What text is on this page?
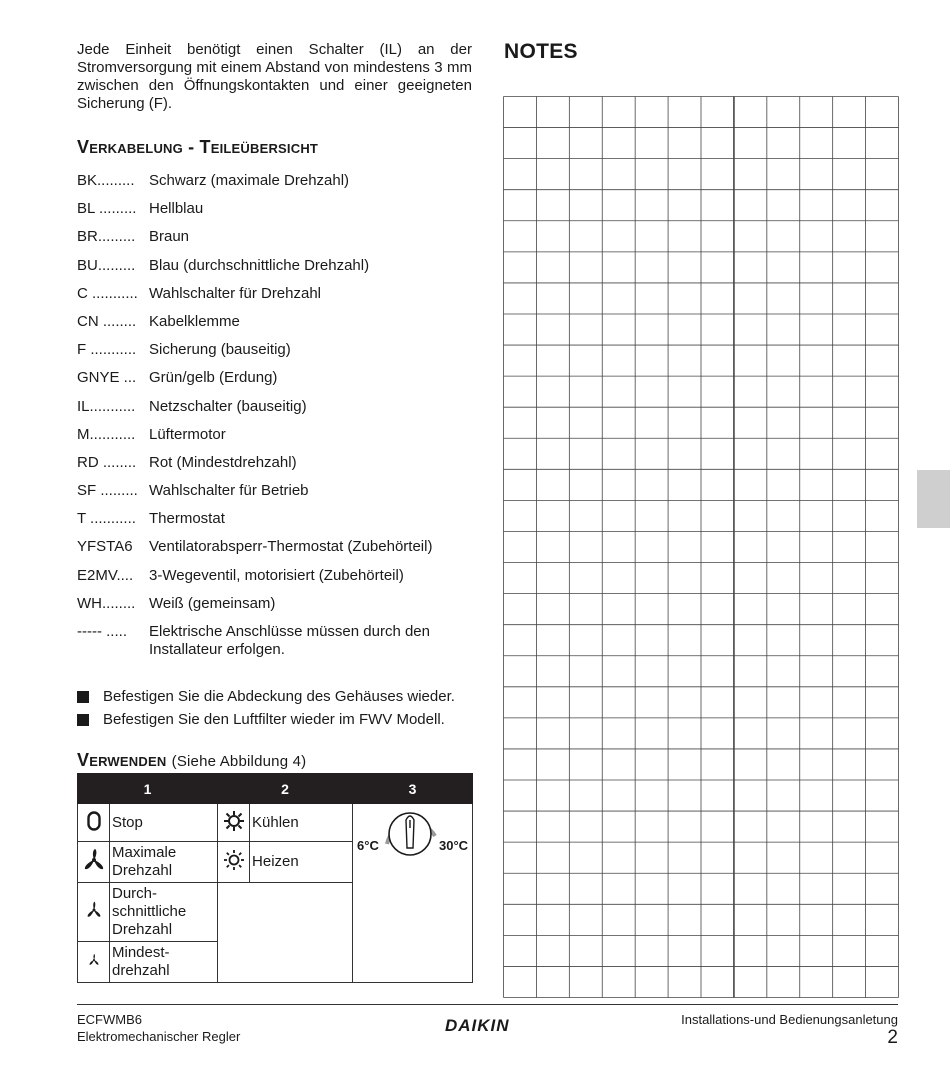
Jede Einheit benötigt einen Schalter (IL) an der Stromversorgung mit einem Abstand von mindestens 3 mm zwischen den Öffnungskontakten und einer geeigneten Sicherung (F).

Verkabelung - Teileübersicht
BK......... Schwarz (maximale Drehzahl)
BL ......... Hellblau
BR......... Braun
BU......... Blau (durchschnittliche Drehzahl)
C ........... Wahlschalter für Drehzahl
CN ........ Kabelklemme
F ........... Sicherung (bauseitig)
GNYE ... Grün/gelb (Erdung)
IL........... Netzschalter (bauseitig)
M........... Lüftermotor
RD ........ Rot (Mindestdrehzahl)
SF ......... Wahlschalter für Betrieb
T ........... Thermostat
YFSTA6	Ventilatorabsperr-Thermostat (Zubehörteil)
E2MV....	3-Wegeventil, motorisiert (Zubehörteil)
WH........ Weiß (gemeinsam)
----- .....	Elektrische Anschlüsse müssen durch den Installateur erfolgen.
Befestigen Sie die Abdeckung des Gehäuses wieder.
Befestigen Sie den Luftfilter wieder im FWV Modell.
Verwenden (Siehe Abbildung 4)
1		2		3
	Stop		Kühlen	6°C 30°C

	Maximale Drehzahl		Heizen	
	Durch- schnittliche Drehzahl			
	Mindest- drehzahl			
NOTES
ECFWMB6
Elektromechanischer Regler
DAIKIN	Installations-und Bedienungsanletung
2
